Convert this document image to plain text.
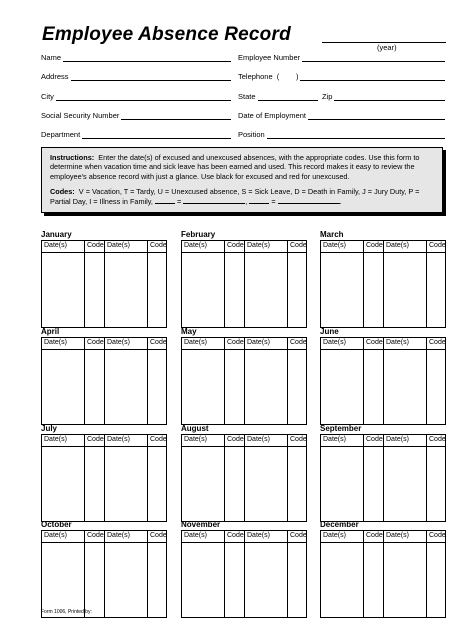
Employee Absence Record
(year)
Name	Employee Number
Address	Telephone  (        )
City	State	Zip
Social Security Number	Date of Employment
Department	Position

Instructions: Enter the date(s) of excused and unexcused absences, with the appropriate codes. Use this form to determine when vacation time and sick leave has been earned and used. This record makes it easy to review the employee's absence record with just a glance. Use black for excused and red for unexcused.

Codes: V = Vacation, T = Tardy, U = Unexcused absence, S = Sick Leave, D = Death in Family, J = Jury Duty, P = Partial Day, I = Illness in Family,	=	,	=	.

January
Date(s)	Code Date(s)	Code
February
Date(s)	Code Date(s)	Code
March
Date(s)	Code Date(s)	Code
April
Date(s)	Code Date(s)	Code
May
Date(s)	Code Date(s)	Code
June
Date(s)	Code Date(s)	Code
July
Date(s)	Code Date(s)	Code
August
Date(s)	Code Date(s)	Code
September
Date(s)	Code Date(s)	Code
October
Date(s)	Code Date(s)	Code
November
Date(s)	Code Date(s)	Code
December
Date(s)	Code Date(s)	Code
Form 1006, Printed by:
